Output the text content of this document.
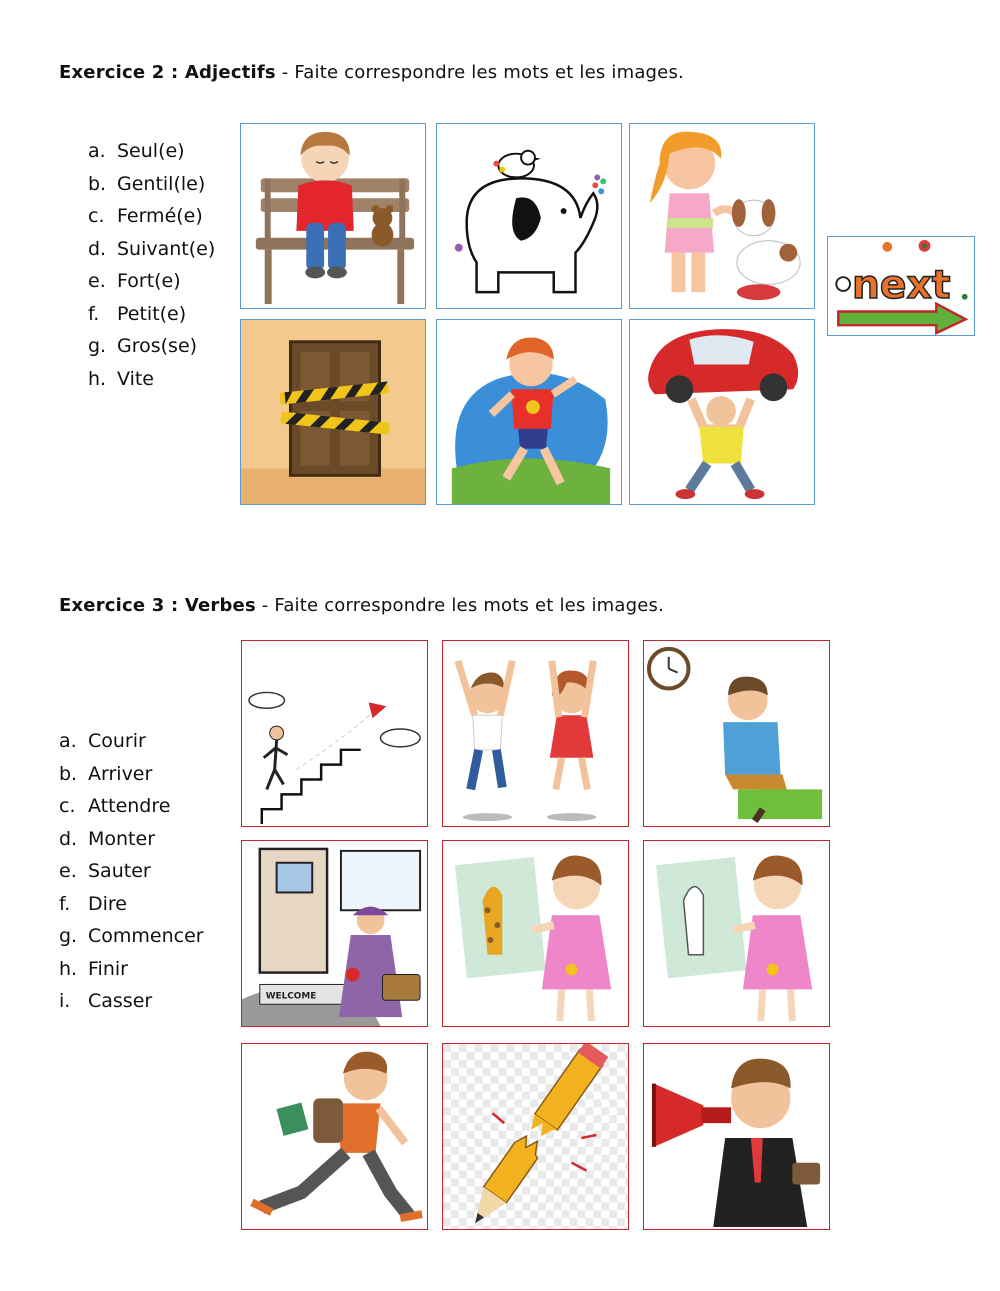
Exercice 2 : Adjectifs - Faite correspondre les mots et les images.
a. Seul(e)
b. Gentil(le)
c. Fermé(e)
d. Suivant(e)
e. Fort(e)
f. Petit(e)
g. Gros(se)
h. Vite
next
Exercice 3 : Verbes - Faite correspondre les mots et les images.
a. Courir
b. Arriver
c. Attendre
d. Monter
e. Sauter
f. Dire
g. Commencer
h. Finir
i. Casser	WELCOME
